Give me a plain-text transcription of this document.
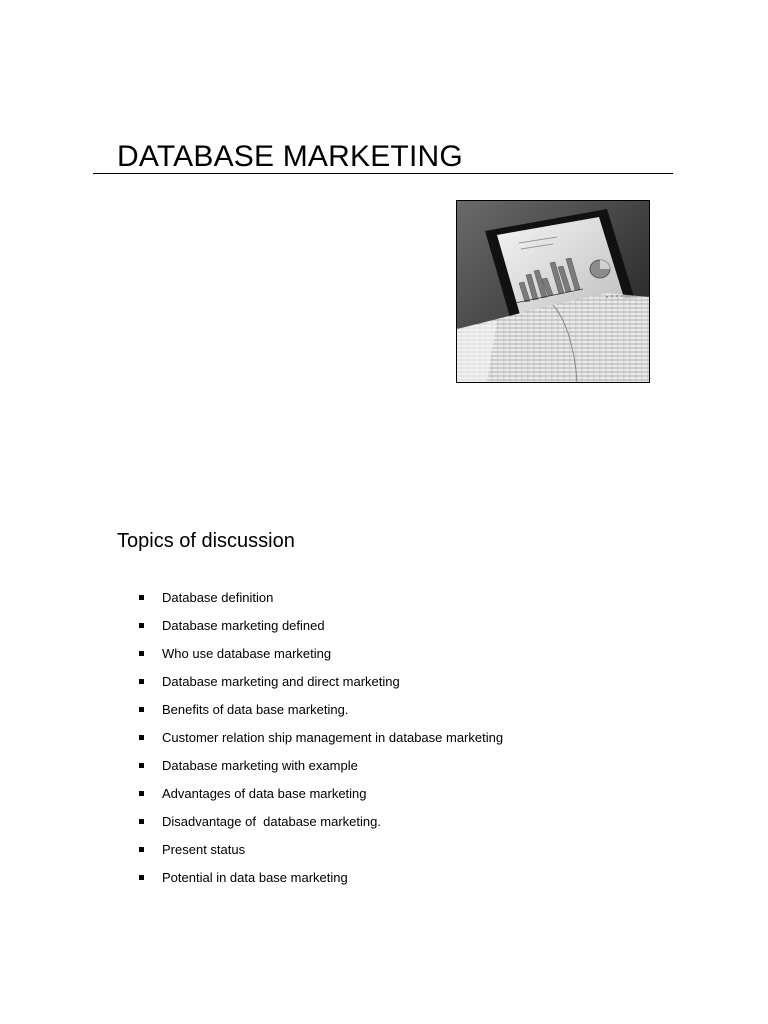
DATABASE MARKETING
Topics of discussion
Database definition
Database marketing defined
Who use database marketing
Database marketing and direct marketing
Benefits of data base marketing.
Customer relation ship management in database marketing
Database marketing with example
Advantages of data base marketing
Disadvantage of  database marketing.
Present status
Potential in data base marketing
